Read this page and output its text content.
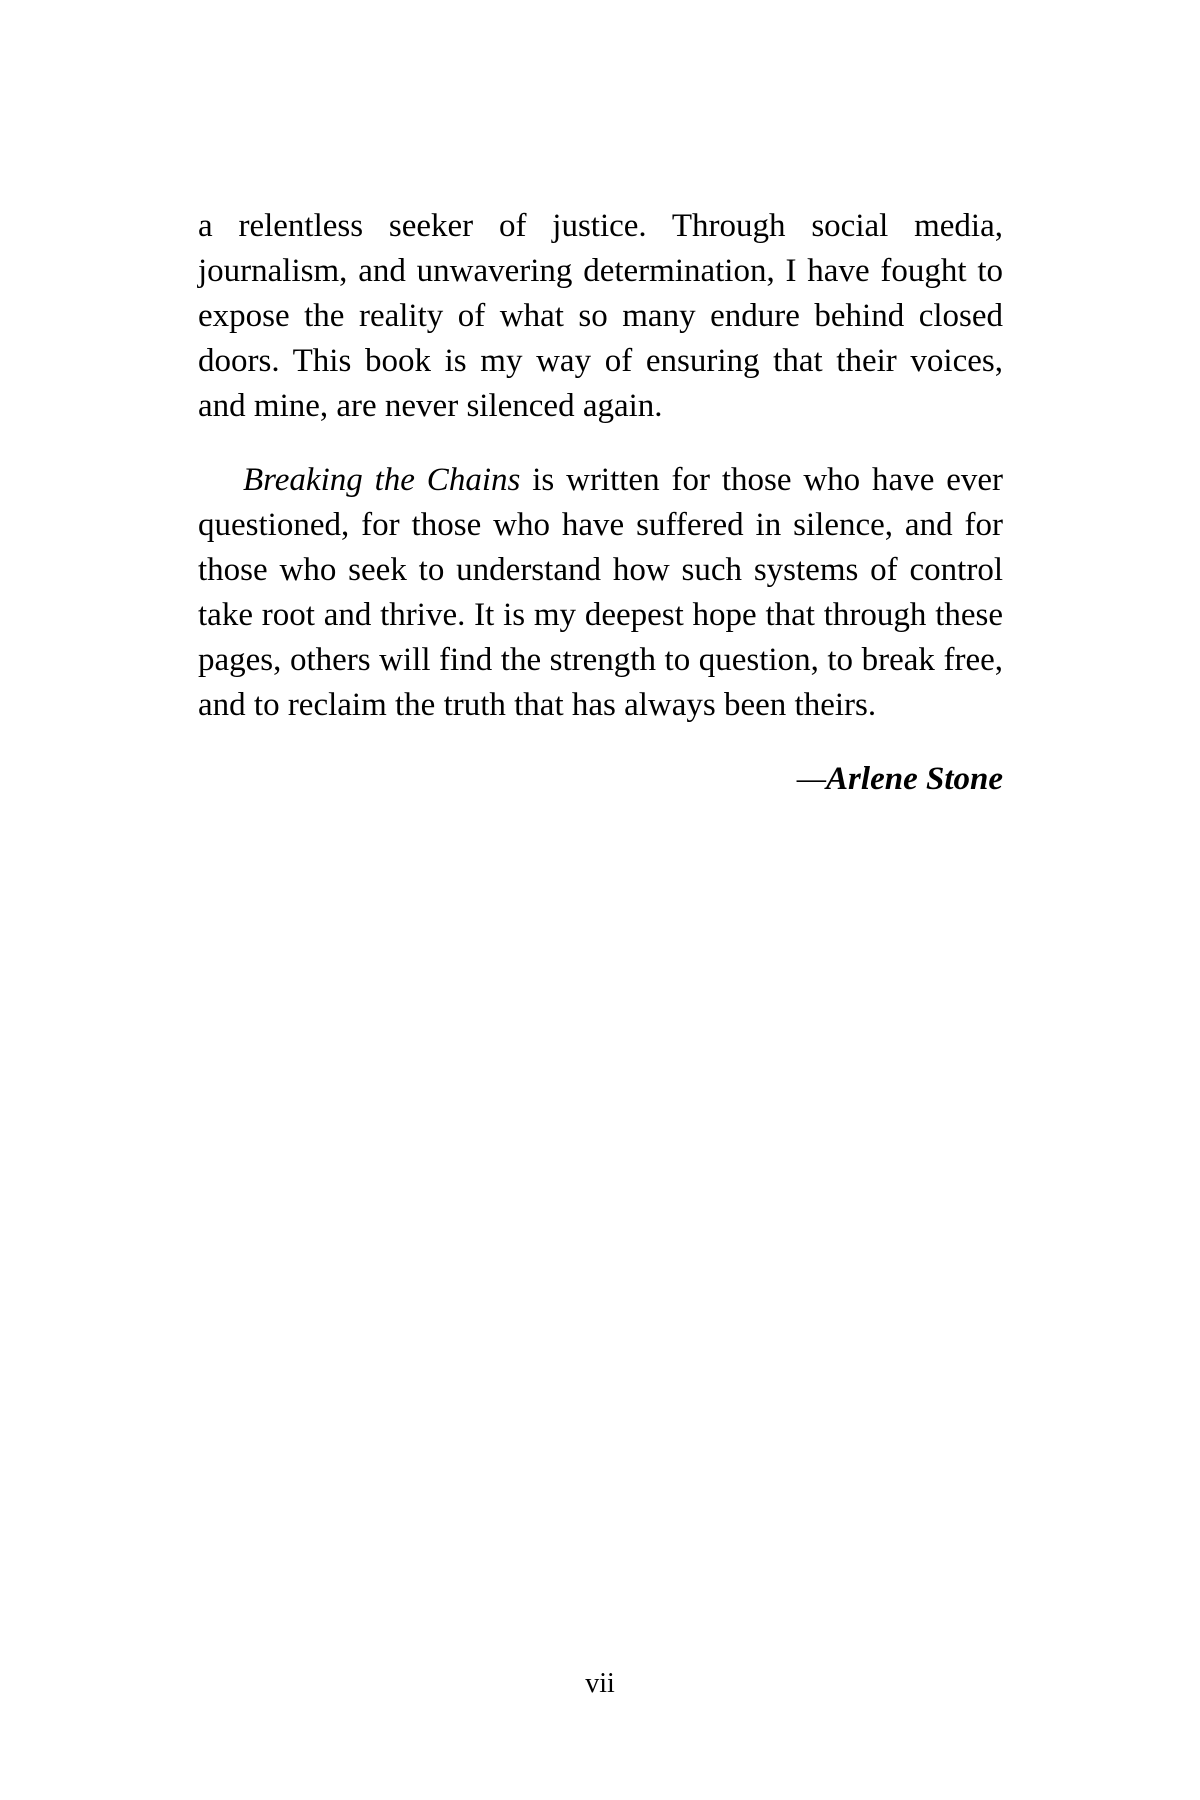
a relentless seeker of justice. Through social media, journalism, and unwavering determination, I have fought to expose the reality of what so many endure behind closed doors. This book is my way of ensuring that their voices, and mine, are never silenced again.

Breaking the Chains is written for those who have ever questioned, for those who have suffered in silence, and for those who seek to understand how such systems of control take root and thrive. It is my deepest hope that through these pages, others will find the strength to question, to break free, and to reclaim the truth that has always been theirs.

—Arlene Stone

vii
